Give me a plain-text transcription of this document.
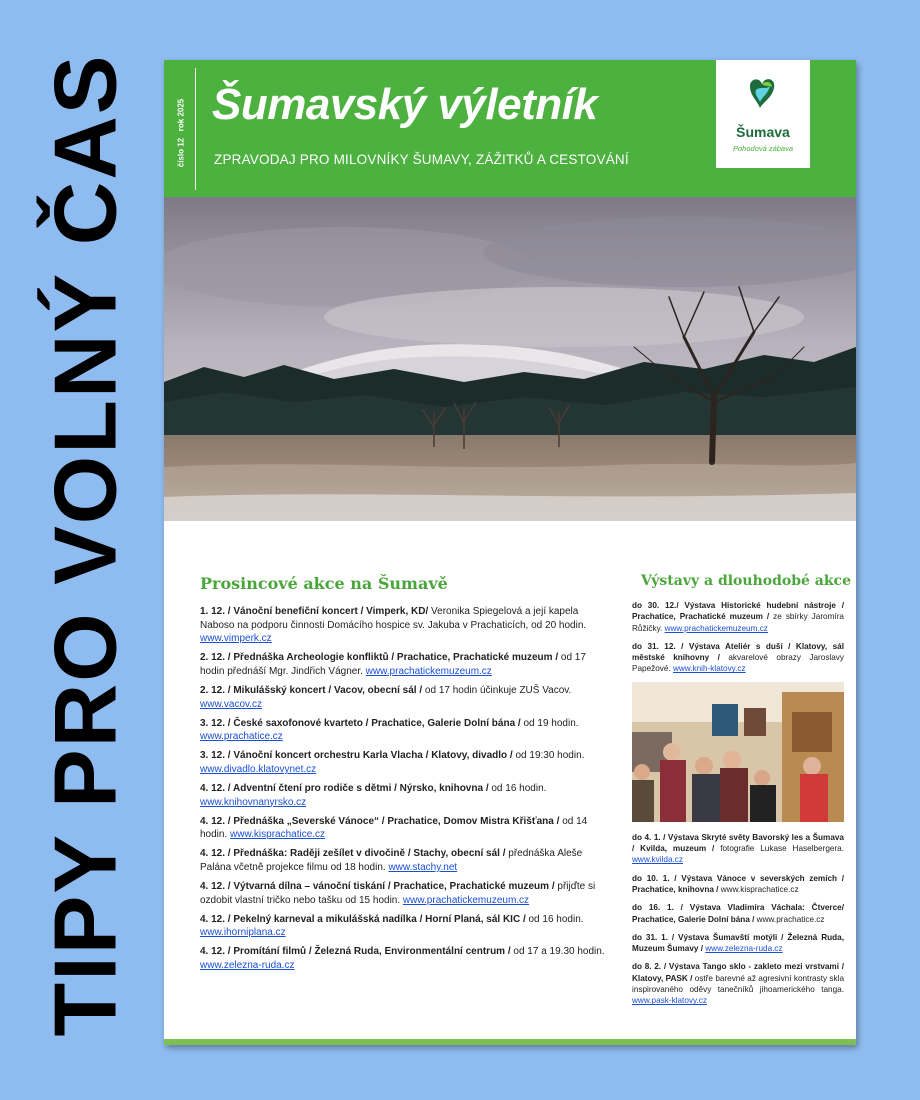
TIPY PRO VOLNÝ ČAS	číslo 12   rok 2025 Šumavský výletník
ZPRAVODAJ PRO MILOVNÍKY ŠUMAVY, ZÁŽITKŮ A CESTOVÁNÍ
Šumava
Pohodová zábava
Prosincové akce na Šumavě	Výstavy a dlouhodobé akce
1. 12. / Vánoční benefiční koncert / Vimperk, KD/ Veronika Spiegelová a její kapela Naboso na podporu činnosti Domácího hospice sv. Jakuba v Prachaticích, od 20 hodin. www.vimperk.cz
2. 12. / Přednáška Archeologie konfliktů / Prachatice, Prachatické muzeum / od 17 hodin přednáší Mgr. Jindřich Vágner. www.prachatickemuzeum.cz
2. 12. / Mikulášský koncert / Vacov, obecní sál / od 17 hodin účinkuje ZUŠ Vacov. www.vacov.cz
3. 12. / České saxofonové kvarteto / Prachatice, Galerie Dolní bána / od 19 hodin. www.prachatice.cz
3. 12. / Vánoční koncert orchestru Karla Vlacha / Klatovy, divadlo / od 19:30 hodin. www.divadlo.klatovynet.cz
4. 12. / Adventní čtení pro rodiče s dětmi / Nýrsko, knihovna / od 16 hodin. www.knihovnanyrsko.cz
4. 12. / Přednáška „Severské Vánoce“ / Prachatice, Domov Mistra Křišťana / od 14 hodin. www.kisprachatice.cz
4. 12. / Přednáška: Raději zešílet v divočině / Stachy, obecní sál / přednáška Aleše Palána včetně projekce filmu od 18 hodin. www.stachy.net
4. 12. / Výtvarná dílna – vánoční tiskání / Prachatice, Prachatické muzeum / přijďte si ozdobit vlastní tričko nebo tašku od 15 hodin. www.prachatickemuzeum.cz
4. 12. / Pekelný karneval a mikulášská nadílka / Horní Planá, sál KIC / od 16 hodin. www.ihorniplana.cz
4. 12. / Promítání filmů / Železná Ruda, Environmentální centrum / od 17 a 19.30 hodin. www.zelezna-ruda.cz
do 30. 12./ Výstava Historické hudební nástroje / Prachatice, Prachatické muzeum / ze sbírky Jaromíra Růžičky. www.prachatickemuzeum.cz
do 31. 12. / Výstava Ateliér s duší / Klatovy, sál městské knihovny / akvarelové obrazy Jaroslavy Papežové. www.knih-klatovy.cz
do 4. 1. / Výstava Skryté světy Bavorský les a Šumava / Kvilda, muzeum / fotografie Lukase Haselbergera. www.kvilda.cz
do 10. 1. / Výstava Vánoce v severských zemích / Prachatice, knihovna / www.kisprachatice.cz
do 16. 1. / Výstava Vladimíra Váchala: Čtverce/ Prachatice, Galerie Dolní bána / www.prachatice.cz
do 31. 1. / Výstava Šumavští motýli / Železná Ruda, Muzeum Šumavy / www.zelezna-ruda.cz
do 8. 2. / Výstava Tango sklo - zakleto mezi vrstvami / Klatovy, PASK / ostře barevné až agresivní kontrasty skla inspirovaného oděvy tanečníků jihoamerického tanga. www.pask-klatovy.cz
